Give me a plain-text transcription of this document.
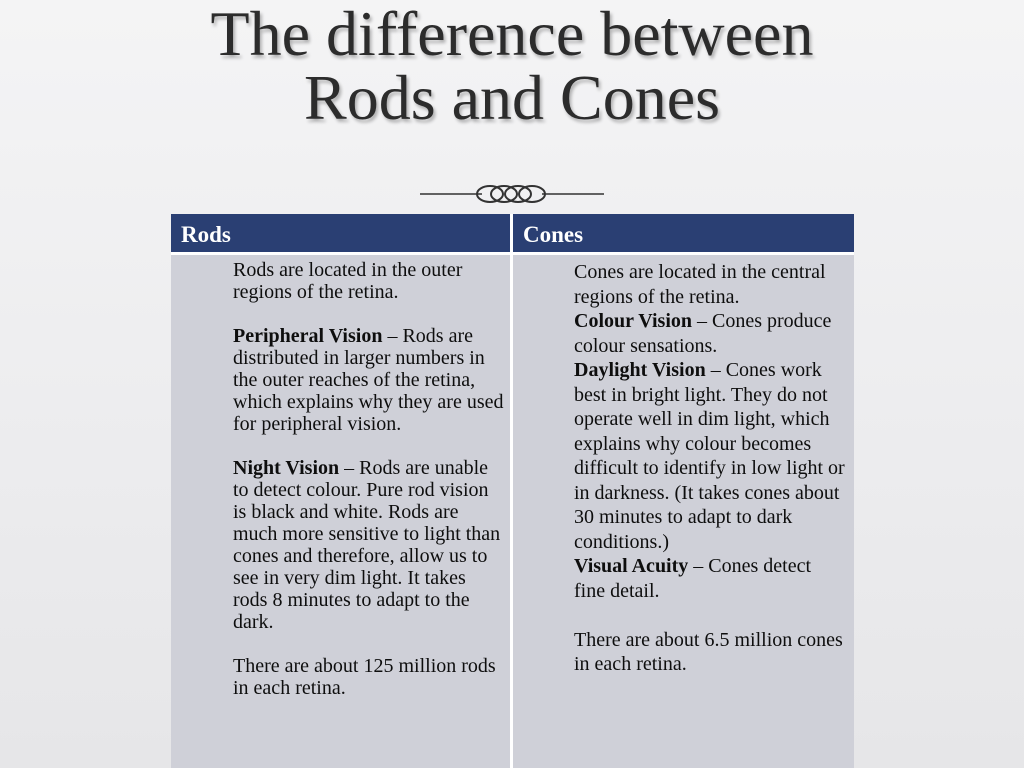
The difference between
Rods and Cones
Rods	Cones

Rods are located in the outer regions of the retina.

Peripheral Vision – Rods are distributed in larger numbers in the outer reaches of the retina, which explains why they are used for peripheral vision.

Night Vision – Rods are unable to detect colour. Pure rod vision is black and white. Rods are much more sensitive to light than cones and therefore, allow us to see in very dim light. It takes rods 8 minutes to adapt to the dark.

There are about 125 million rods in each retina.

Cones are located in the central regions of the retina.

Colour Vision – Cones produce colour sensations.

Daylight Vision – Cones work best in bright light. They do not operate well in dim light, which explains why colour becomes difficult to identify in low light or in darkness. (It takes cones about 30 minutes to adapt to dark conditions.)

Visual Acuity – Cones detect fine detail.

There are about 6.5 million cones in each retina.
